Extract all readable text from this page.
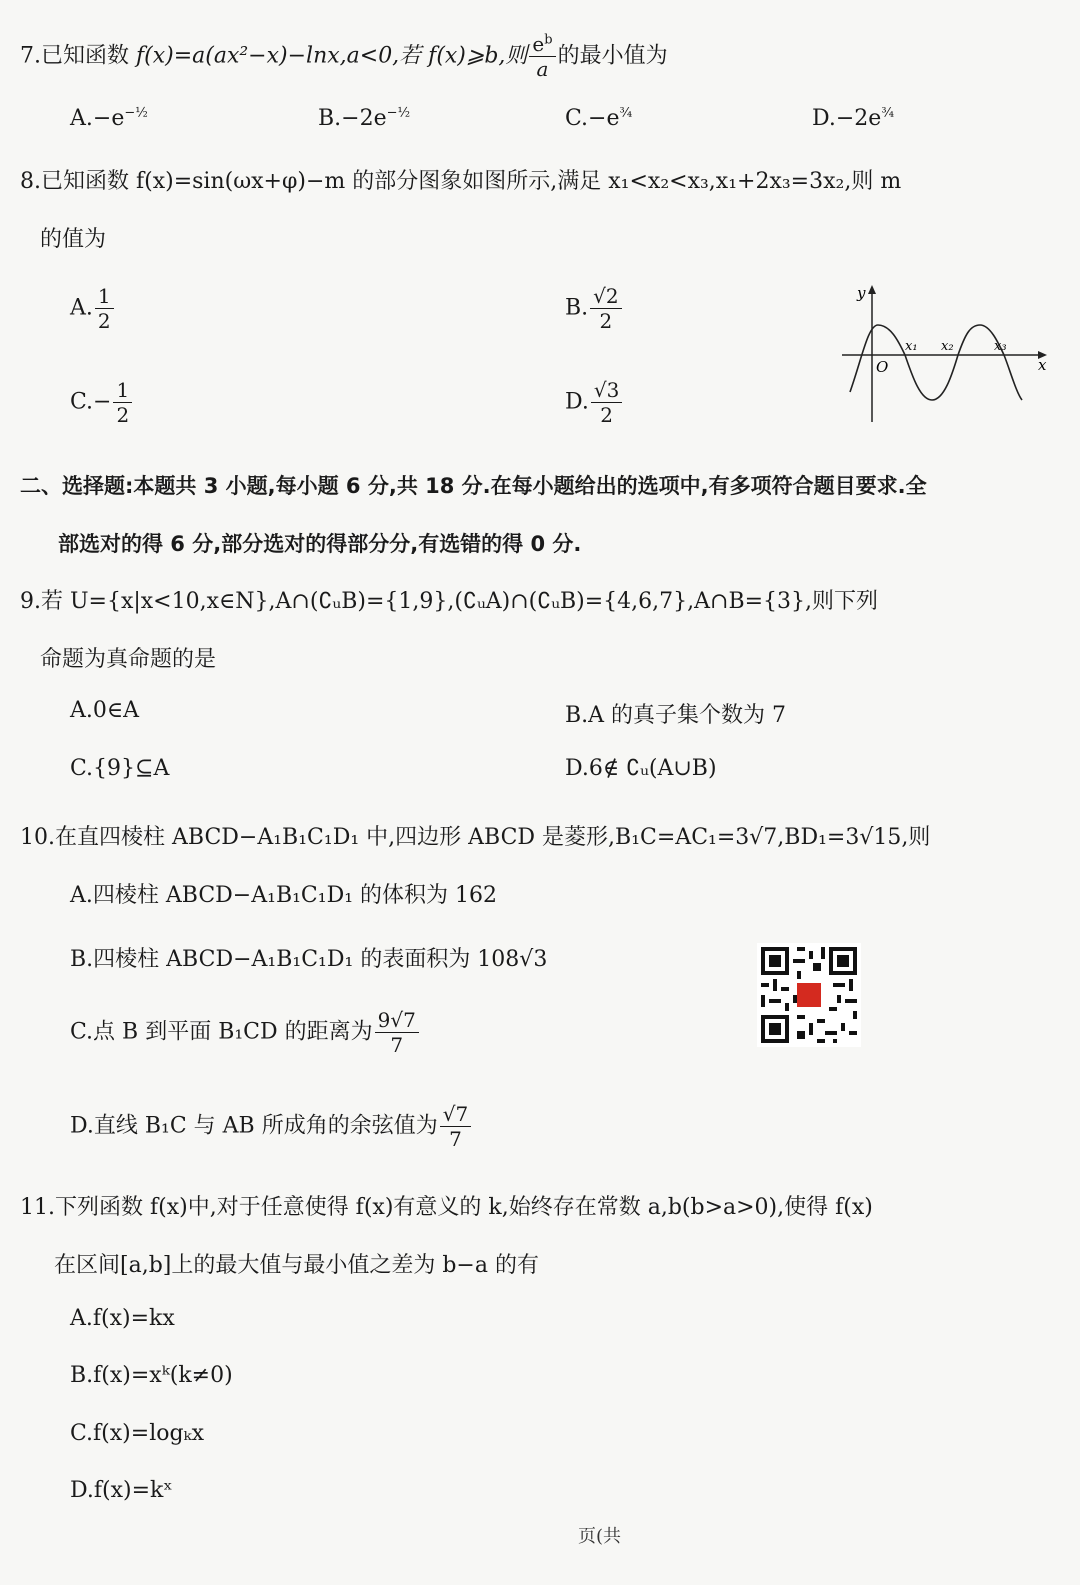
7.已知函数 f(x)=a(ax²−x)−lnx,a<0,若 f(x)⩾b,则 $\frac{e^b}{a}$ 的最小值为
$A.-e^{-\frac{1}{2}}$	$B.-2e^{-\frac{1}{2}}$	$C.-e^{\frac{3}{4}}$	$D.-2e^{\frac{3}{4}}$
8.已知函数 f(x)=sin(ωx+φ)−m 的部分图象如图所示,满足 x₁<x₂<x₃,x₁+2x₃=3x₂,则 m
的值为
A. $\frac{1}{2}$	B. $\frac{√2}{2}$
$C.- \frac{1}{2}$	D. $\frac{√3}{2}$
y
x
O
x₁ x₂	x₃
二、选择题:本题共 3 小题,每小题 6 分,共 18 分.在每小题给出的选项中,有多项符合题目要求.全
部选对的得 6 分,部分选对的得部分分,有选错的得 0 分.
9.若 U={x|x<10,x∈N},A∩(∁ᵤB)={1,9},(∁ᵤA)∩(∁ᵤB)={4,6,7},A∩B={3},则下列
命题为真命题的是
A.0∈A	B.A 的真子集个数为 7
C.{9}⊆A	D.6∉ ∁ᵤ(A∪B)
10.在直四棱柱 ABCD−A₁B₁C₁D₁ 中,四边形 ABCD 是菱形,B₁C=AC₁=3√7,BD₁=3√15,则
A.四棱柱 ABCD−A₁B₁C₁D₁ 的体积为 162
B.四棱柱 ABCD−A₁B₁C₁D₁ 的表面积为 108√3
C.点 B 到平面 B₁CD 的距离为 $\frac{9√7}{7}$
D.直线 B₁C 与 AB 所成角的余弦值为 $\frac{√7}{7}$
11.下列函数 f(x)中,对于任意使得 f(x)有意义的 k,始终存在常数 a,b(b>a>0),使得 f(x)
在区间[a,b]上的最大值与最小值之差为 b−a 的有
A.f(x)=kx
B.f(x)=xᵏ(k≠0)
C.f(x)=logₖx
D.f(x)=kˣ
页(共
